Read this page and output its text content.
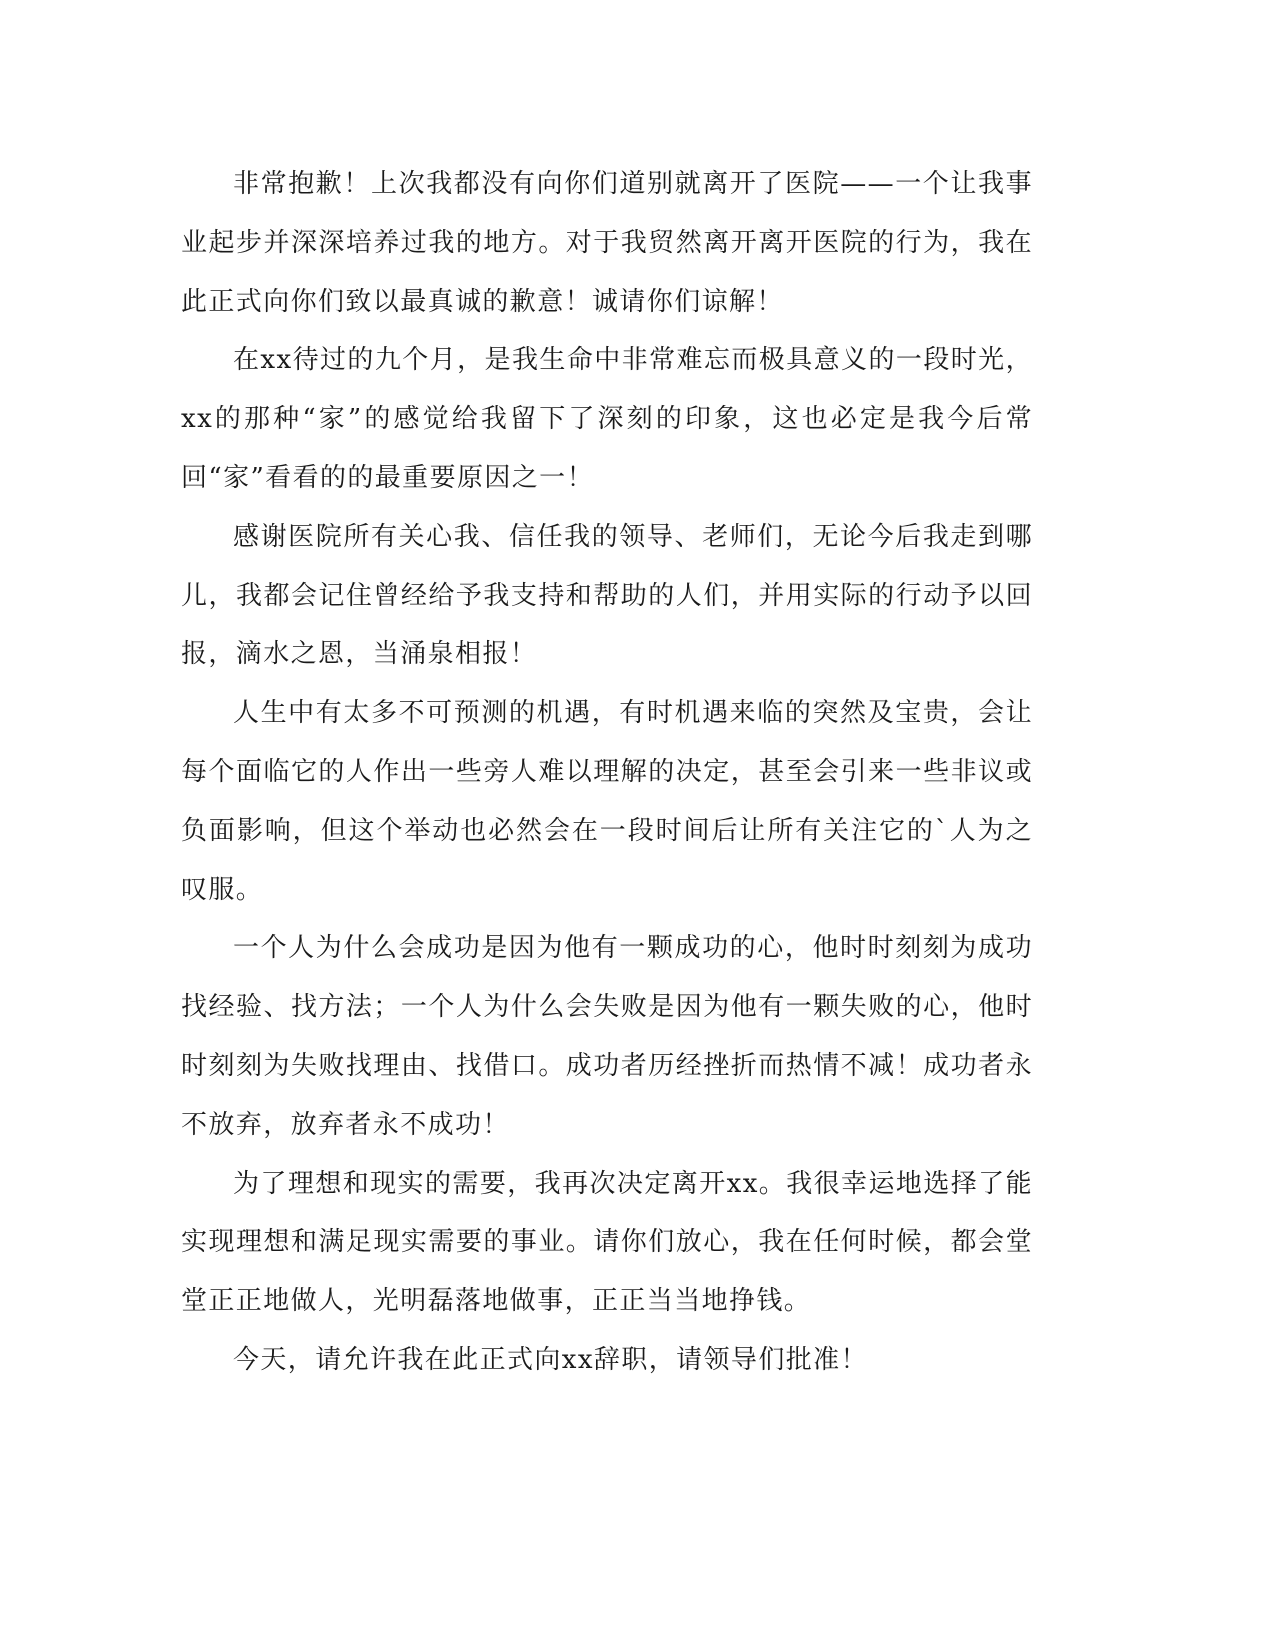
非常抱歉！上次我都没有向你们道别就离开了医院——一个让我事业起步并深深培养过我的地方。对于我贸然离开离开医院的行为，我在此正式向你们致以最真诚的歉意！诚请你们谅解！

在xx待过的九个月，是我生命中非常难忘而极具意义的一段时光，xx的那种“家”的感觉给我留下了深刻的印象，这也必定是我今后常回“家”看看的的最重要原因之一！

感谢医院所有关心我、信任我的领导、老师们，无论今后我走到哪儿，我都会记住曾经给予我支持和帮助的人们，并用实际的行动予以回报，滴水之恩，当涌泉相报！

人生中有太多不可预测的机遇，有时机遇来临的突然及宝贵，会让每个面临它的人作出一些旁人难以理解的决定，甚至会引来一些非议或负面影响，但这个举动也必然会在一段时间后让所有关注它的`人为之叹服。

一个人为什么会成功是因为他有一颗成功的心，他时时刻刻为成功找经验、找方法；一个人为什么会失败是因为他有一颗失败的心，他时时刻刻为失败找理由、找借口。成功者历经挫折而热情不减！成功者永不放弃，放弃者永不成功！

为了理想和现实的需要，我再次决定离开xx。我很幸运地选择了能实现理想和满足现实需要的事业。请你们放心，我在任何时候，都会堂堂正正地做人，光明磊落地做事，正正当当地挣钱。

今天，请允许我在此正式向xx辞职，请领导们批准！
